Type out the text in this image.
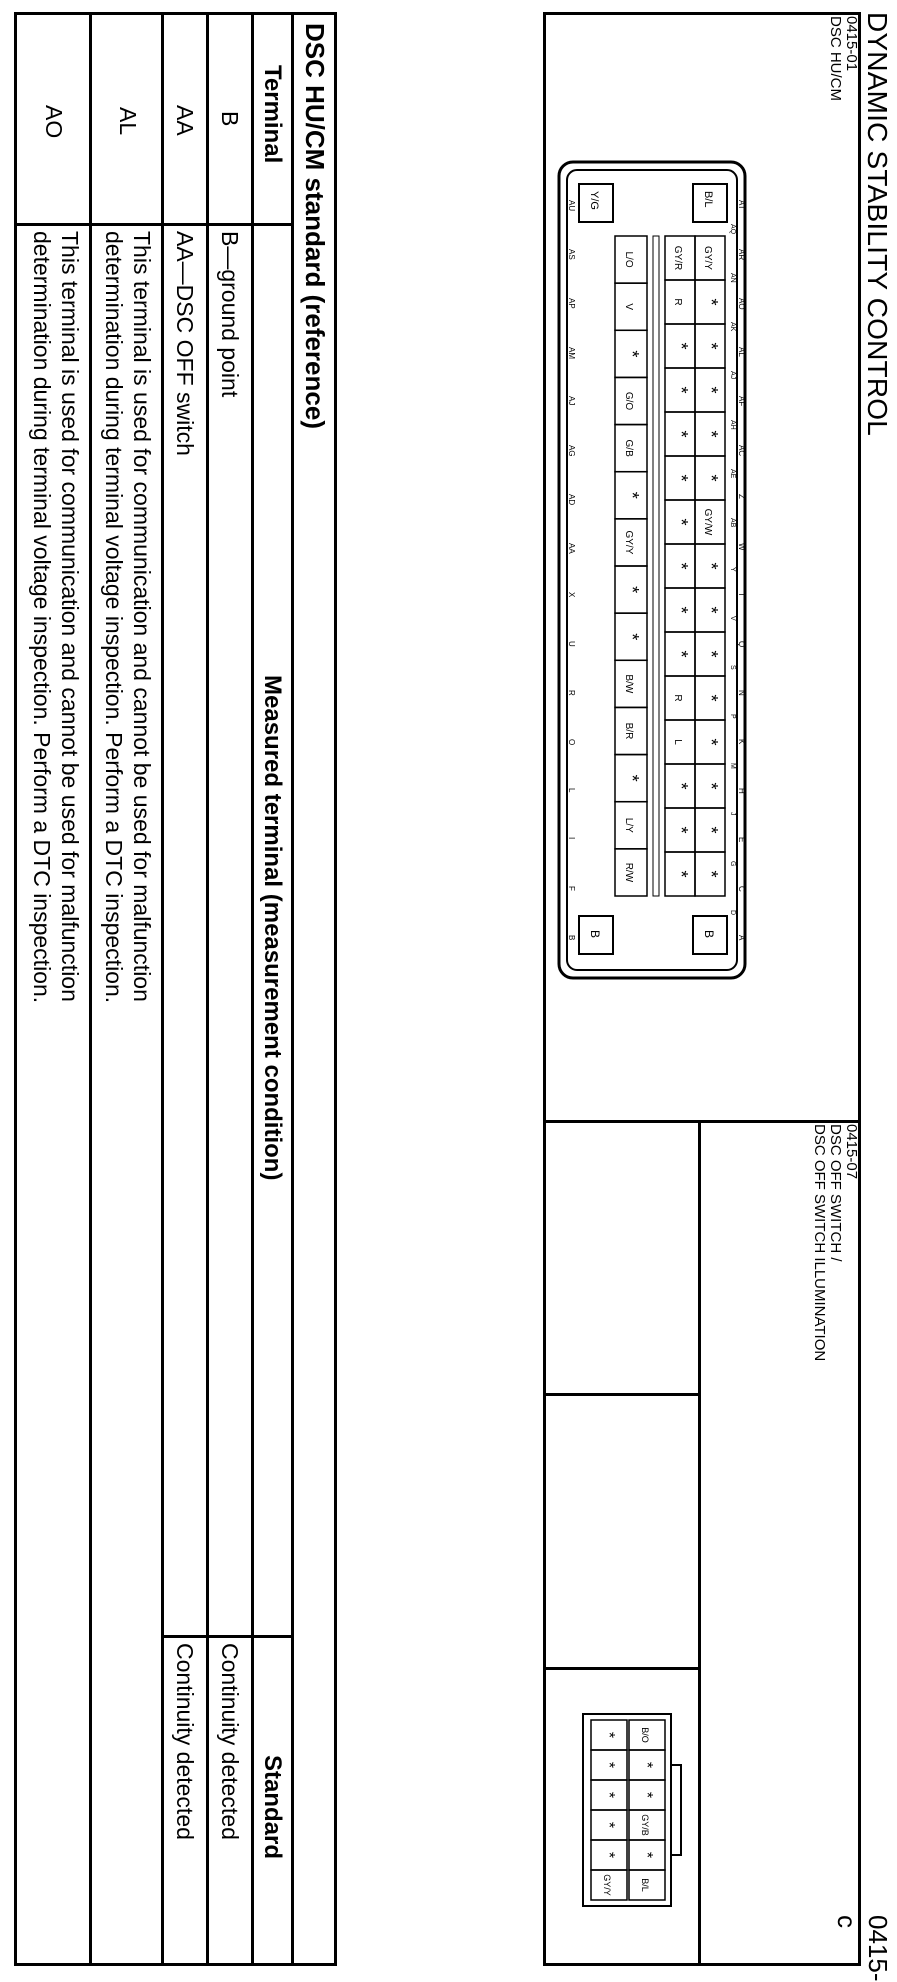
DYNAMIC STABILITY CONTROL
0415-c
0415-01
DSC HU/CM
0415-07
DSC OFF SWITCH /
DSC OFF SWITCH ILLUMINATION
B/L
Y/G
B
B
GY/Y
*
*
*
*
*
GY/W
*
*
*
*
*
*
*
*
GY/R
R
*
*
*
*
*
*
*
*
R
L
*
*
*
L/O
V
*
G/O
G/B
*
GY/Y
*
*
B/W
B/R
*
L/Y
R/W
AT
AR
AO
AL
AF
AC
Z
W
T
Q
N
K
H
E
C
A
AU
AS
AP
AM
AJ
AG
AD
AA
X
U
R
O
L
I
F
B
AQ
AN
AK
AJ
AH
AE
AB
Y
V
S
P
M
J
G
D
B/O
*
*
GY/B
*
B/L
*
*
*
*
*
GY/Y
DSC HU/CM standard (reference)
Terminal
Measured terminal (measurement condition)
Standard
B
B—ground point
Continuity detected
AA
AA—DSC OFF switch
Continuity detected
AL
This terminal is used for communication and cannot be used for malfunction
determination during terminal voltage inspection. Perform a DTC inspection.
AO
This terminal is used for communication and cannot be used for malfunction
determination during terminal voltage inspection. Perform a DTC inspection.
